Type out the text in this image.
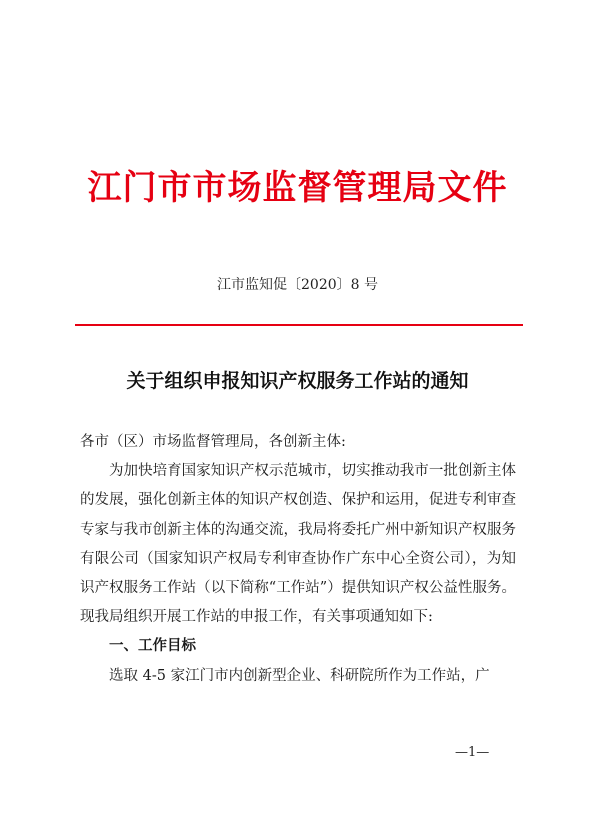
江门市市场监督管理局文件
江市监知促〔2020〕8 号
关于组织申报知识产权服务工作站的通知

各市（区）市场监督管理局，各创新主体:

为加快培育国家知识产权示范城市，切实推动我市一批创新主体的发展，强化创新主体的知识产权创造、保护和运用，促进专利审查专家与我市创新主体的沟通交流，我局将委托广州中新知识产权服务有限公司（国家知识产权局专利审查协作广东中心全资公司），为知识产权服务工作站（以下简称“工作站”）提供知识产权公益性服务。现我局组织开展工作站的申报工作，有关事项通知如下:

一、工作目标

选取 4-5 家江门市内创新型企业、科研院所作为工作站，广

—1—
